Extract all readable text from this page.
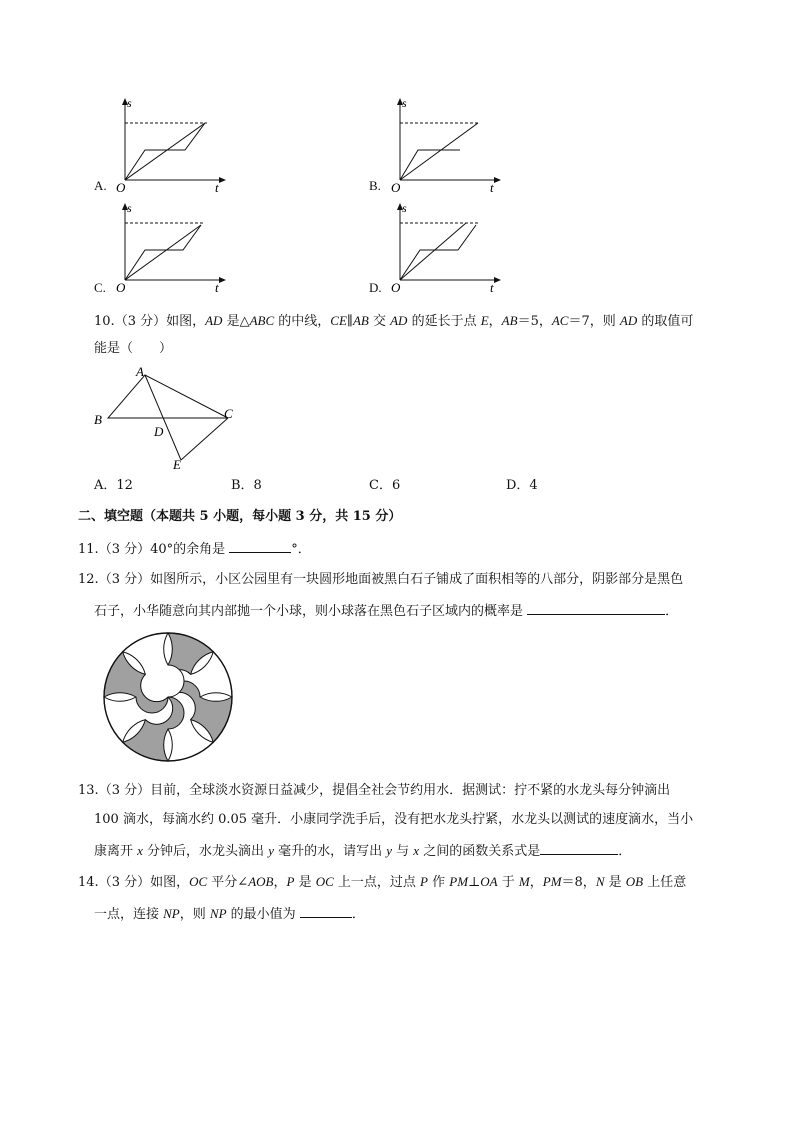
s
t
O
A.
s
t
O
B.
s
t
O
C.
s
t
O
D.
10.（3 分）如图，AD 是△ABC 的中线，CE∥AB 交 AD 的延长于点 E，AB＝5，AC＝7，则 AD 的取值可
能是（　　）
A
B	C
D
E
A．12	B．8	C．6	D．4
二、填空题（本题共 5 小题，每小题 3 分，共 15 分）
11.（3 分）40°的余角是	°．
12.（3 分）如图所示，小区公园里有一块圆形地面被黑白石子铺成了面积相等的八部分，阴影部分是黑色
石子，小华随意向其内部抛一个小球，则小球落在黑色石子区域内的概率是	．
13.（3 分）目前，全球淡水资源日益减少，提倡全社会节约用水．据测试：拧不紧的水龙头每分钟滴出
100 滴水，每滴水约 0.05 毫升．小康同学洗手后，没有把水龙头拧紧，水龙头以测试的速度滴水，当小
康离开 x 分钟后，水龙头滴出 y 毫升的水，请写出 y 与 x 之间的函数关系式是	．
14.（3 分）如图，OC 平分∠AOB，P 是 OC 上一点，过点 P 作 PM⊥OA 于 M，PM＝8，N 是 OB 上任意
一点，连接 NP，则 NP 的最小值为	．
